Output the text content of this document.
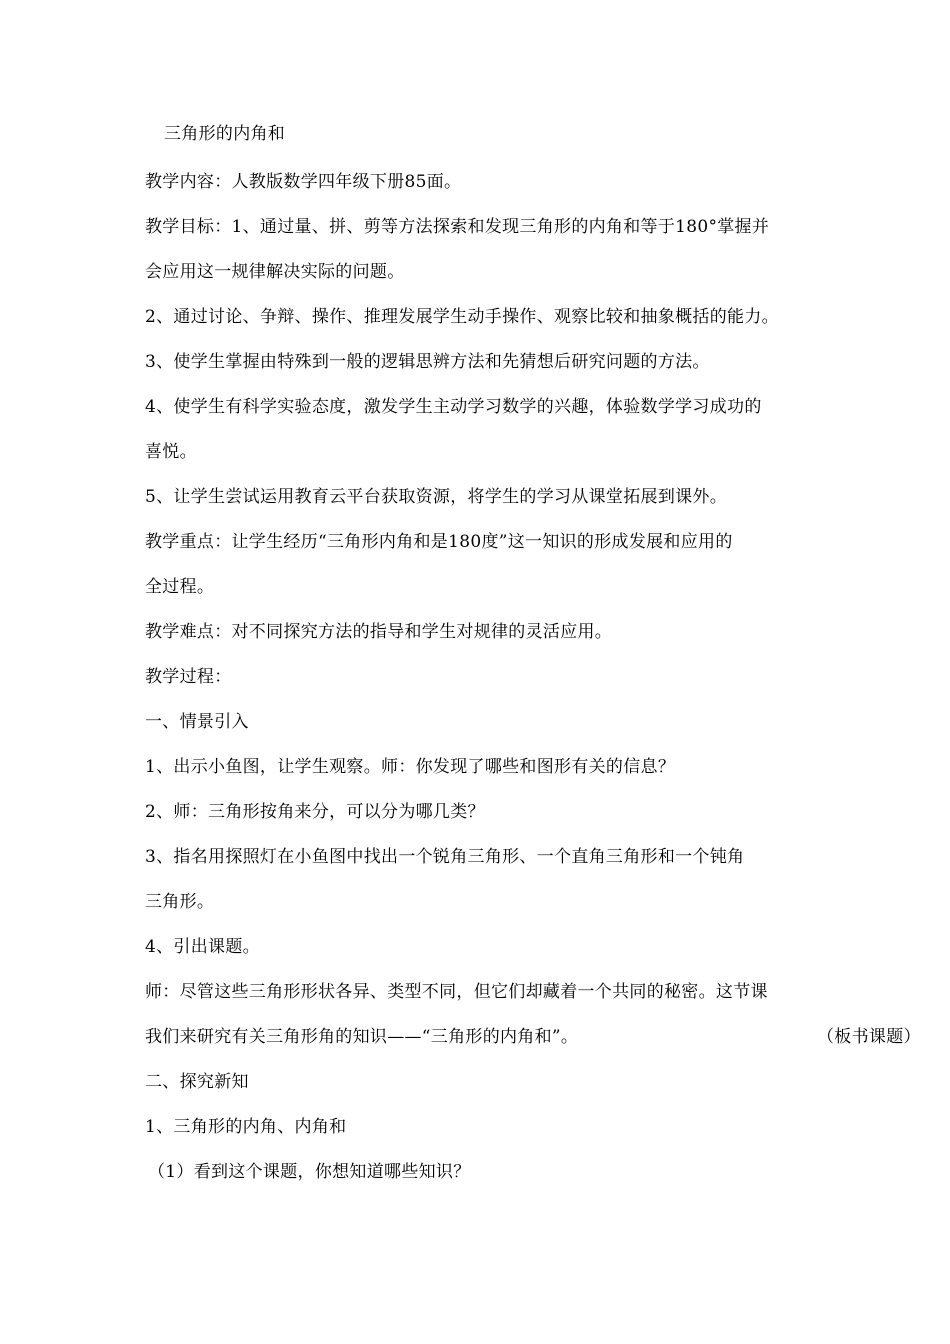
三角形的内角和
教学内容：人教版数学四年级下册85面。
教学目标：1、通过量、拼、剪等方法探索和发现三角形的内角和等于180°掌握并
会应用这一规律解决实际的问题。
2、通过讨论、争辩、操作、推理发展学生动手操作、观察比较和抽象概括的能力。
3、使学生掌握由特殊到一般的逻辑思辨方法和先猜想后研究问题的方法。
4、使学生有科学实验态度，激发学生主动学习数学的兴趣，体验数学学习成功的
喜悦。
5、让学生尝试运用教育云平台获取资源，将学生的学习从课堂拓展到课外。
教学重点：让学生经历“三角形内角和是180度”这一知识的形成发展和应用的
全过程。
教学难点：对不同探究方法的指导和学生对规律的灵活应用。
教学过程：
一、情景引入
1、出示小鱼图，让学生观察。师：你发现了哪些和图形有关的信息？
2、师：三角形按角来分，可以分为哪几类？
3、指名用探照灯在小鱼图中找出一个锐角三角形、一个直角三角形和一个钝角
三角形。
4、引出课题。
师：尽管这些三角形形状各异、类型不同，但它们却藏着一个共同的秘密。这节课
我们来研究有关三角形角的知识——“三角形的内角和”。	（板书课题）
二、探究新知
1、三角形的内角、内角和
（1）看到这个课题，你想知道哪些知识？
